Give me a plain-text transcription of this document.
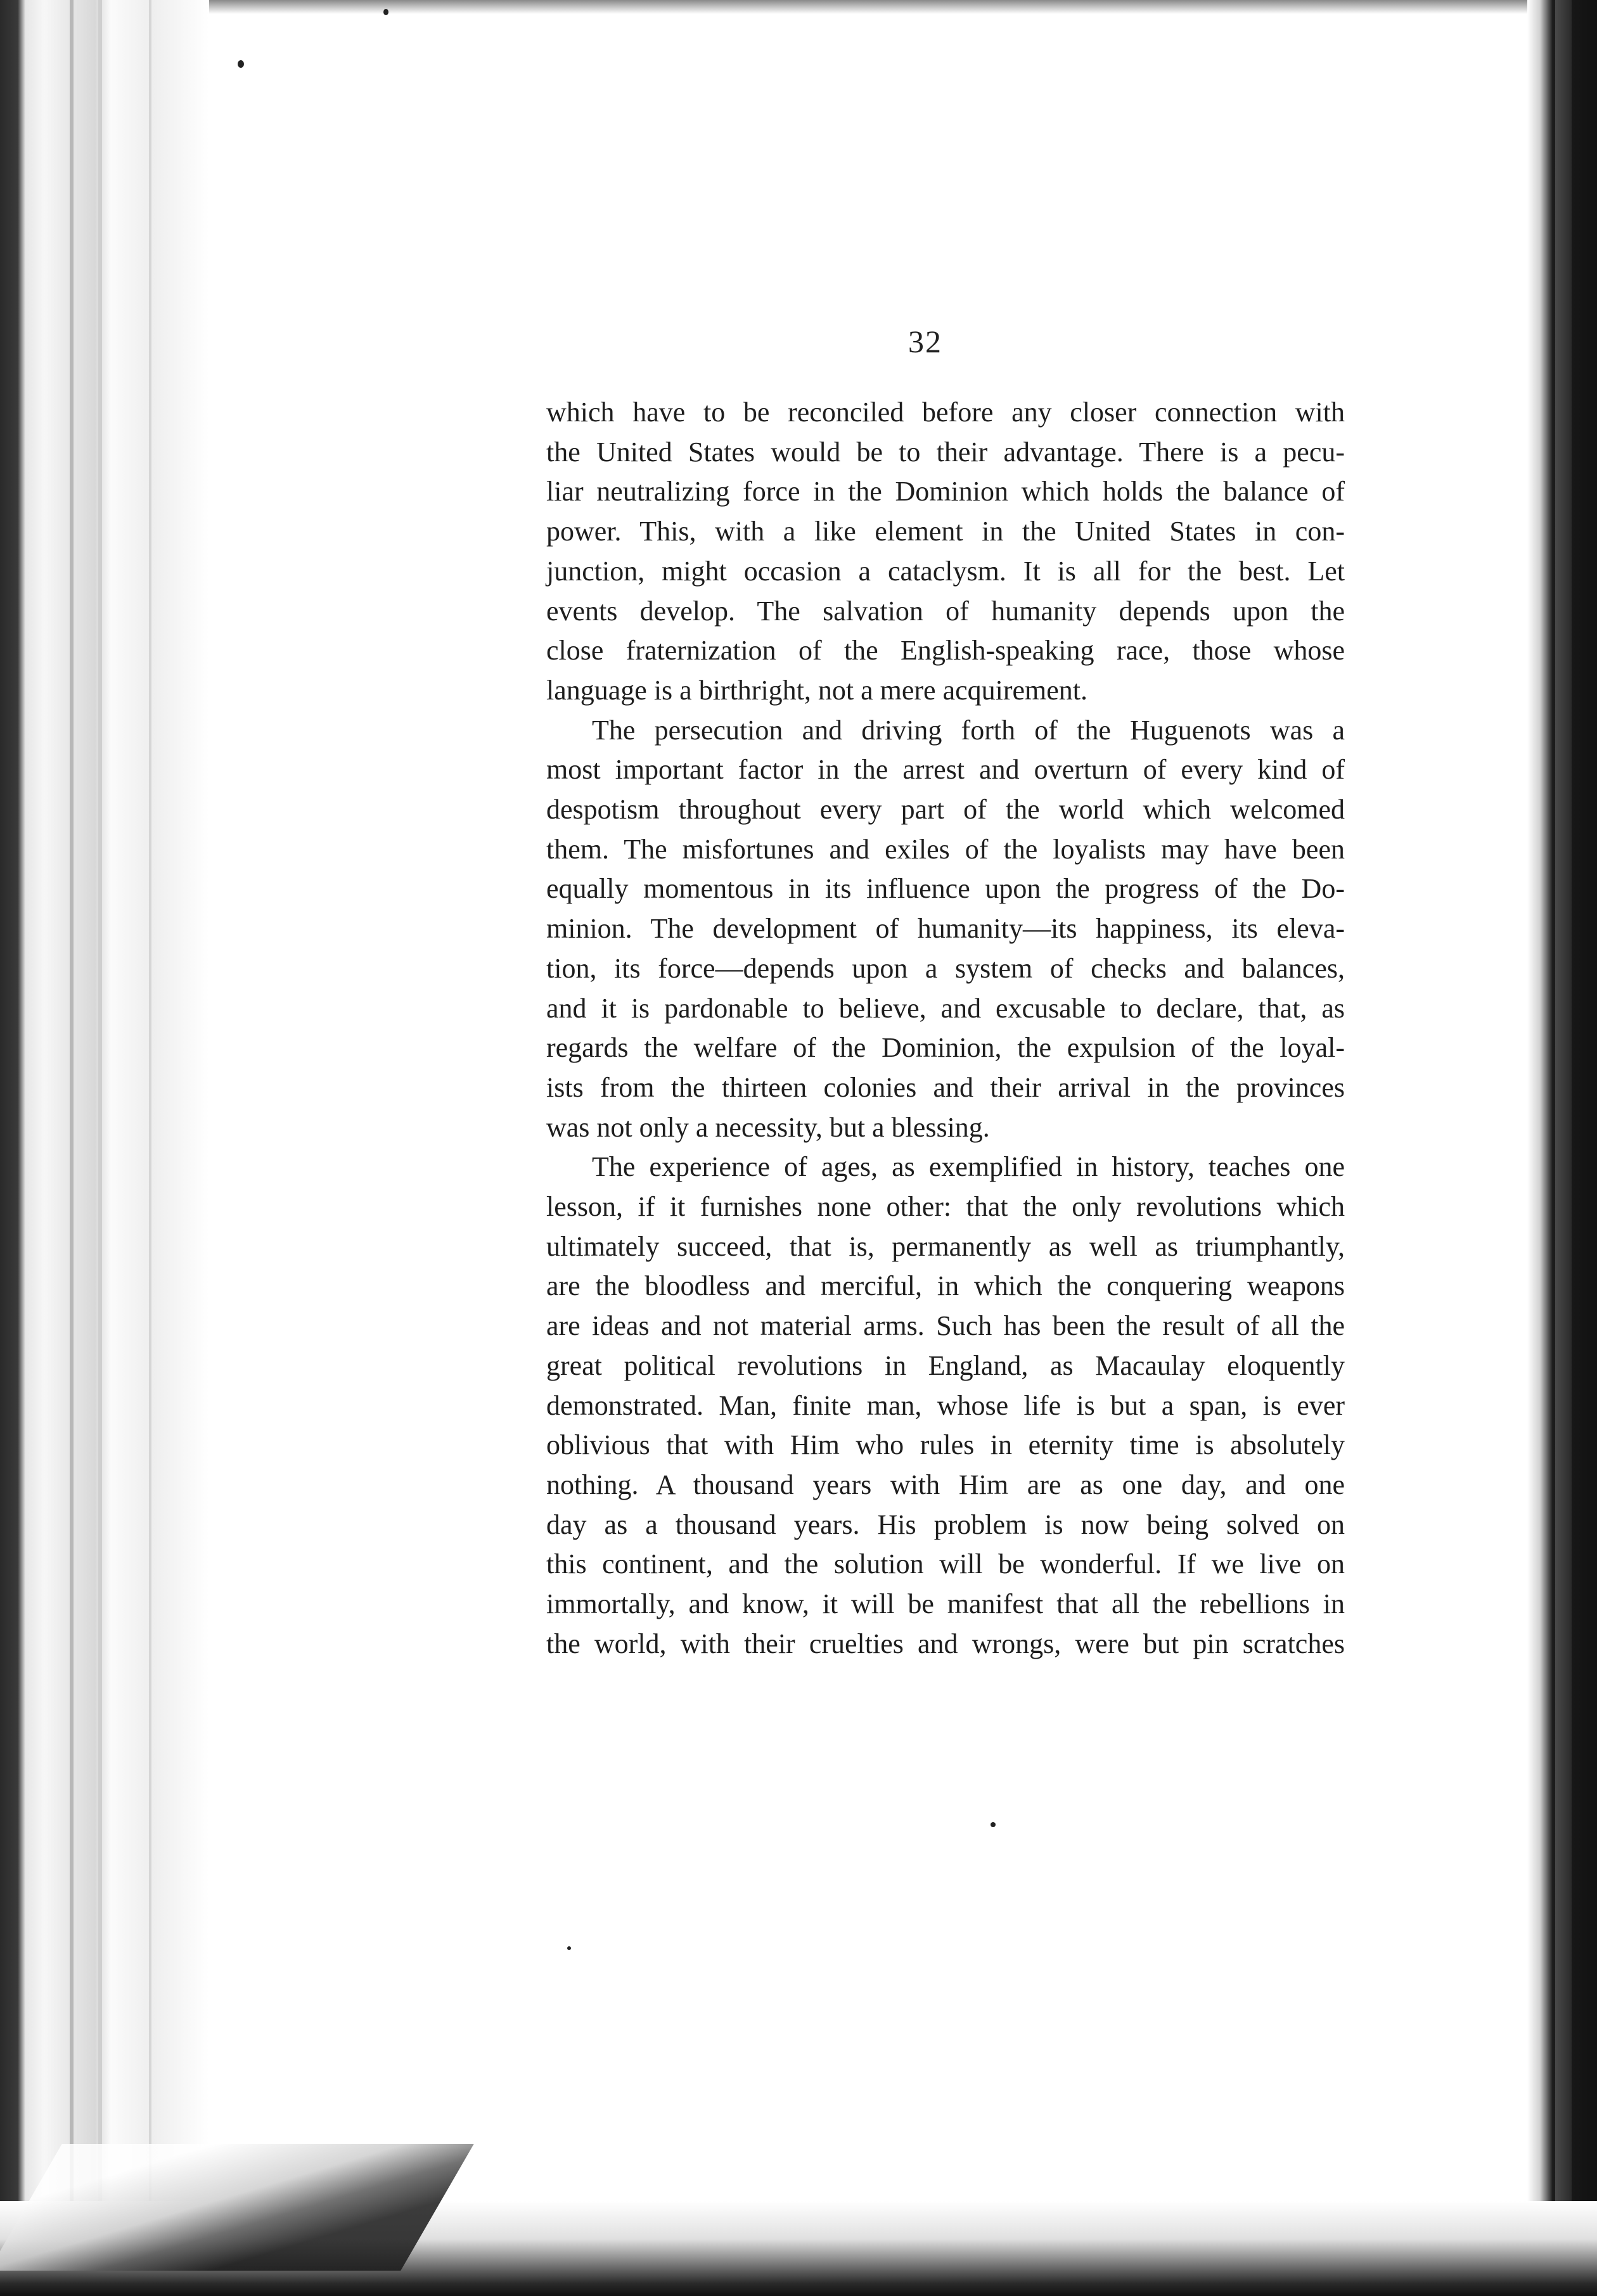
32
which have to be reconciled before any closer connection with
the United States would be to their advantage. There is a pecu-
liar neutralizing force in the Dominion which holds the balance of
power. This, with a like element in the United States in con-
junction, might occasion a cataclysm. It is all for the best. Let
events develop. The salvation of humanity depends upon the
close fraternization of the English-speaking race, those whose
language is a birthright, not a mere acquirement.
The persecution and driving forth of the Huguenots was a
most important factor in the arrest and overturn of every kind of
despotism throughout every part of the world which welcomed
them. The misfortunes and exiles of the loyalists may have been
equally momentous in its influence upon the progress of the Do-
minion. The development of humanity—its happiness, its eleva-
tion, its force—depends upon a system of checks and balances,
and it is pardonable to believe, and excusable to declare, that, as
regards the welfare of the Dominion, the expulsion of the loyal-
ists from the thirteen colonies and their arrival in the provinces
was not only a necessity, but a blessing.
The experience of ages, as exemplified in history, teaches one
lesson, if it furnishes none other: that the only revolutions which
ultimately succeed, that is, permanently as well as triumphantly,
are the bloodless and merciful, in which the conquering weapons
are ideas and not material arms. Such has been the result of all the
great political revolutions in England, as Macaulay eloquently
demonstrated. Man, finite man, whose life is but a span, is ever
oblivious that with Him who rules in eternity time is absolutely
nothing. A thousand years with Him are as one day, and one
day as a thousand years. His problem is now being solved on
this continent, and the solution will be wonderful. If we live on
immortally, and know, it will be manifest that all the rebellions in
the world, with their cruelties and wrongs, were but pin scratches
